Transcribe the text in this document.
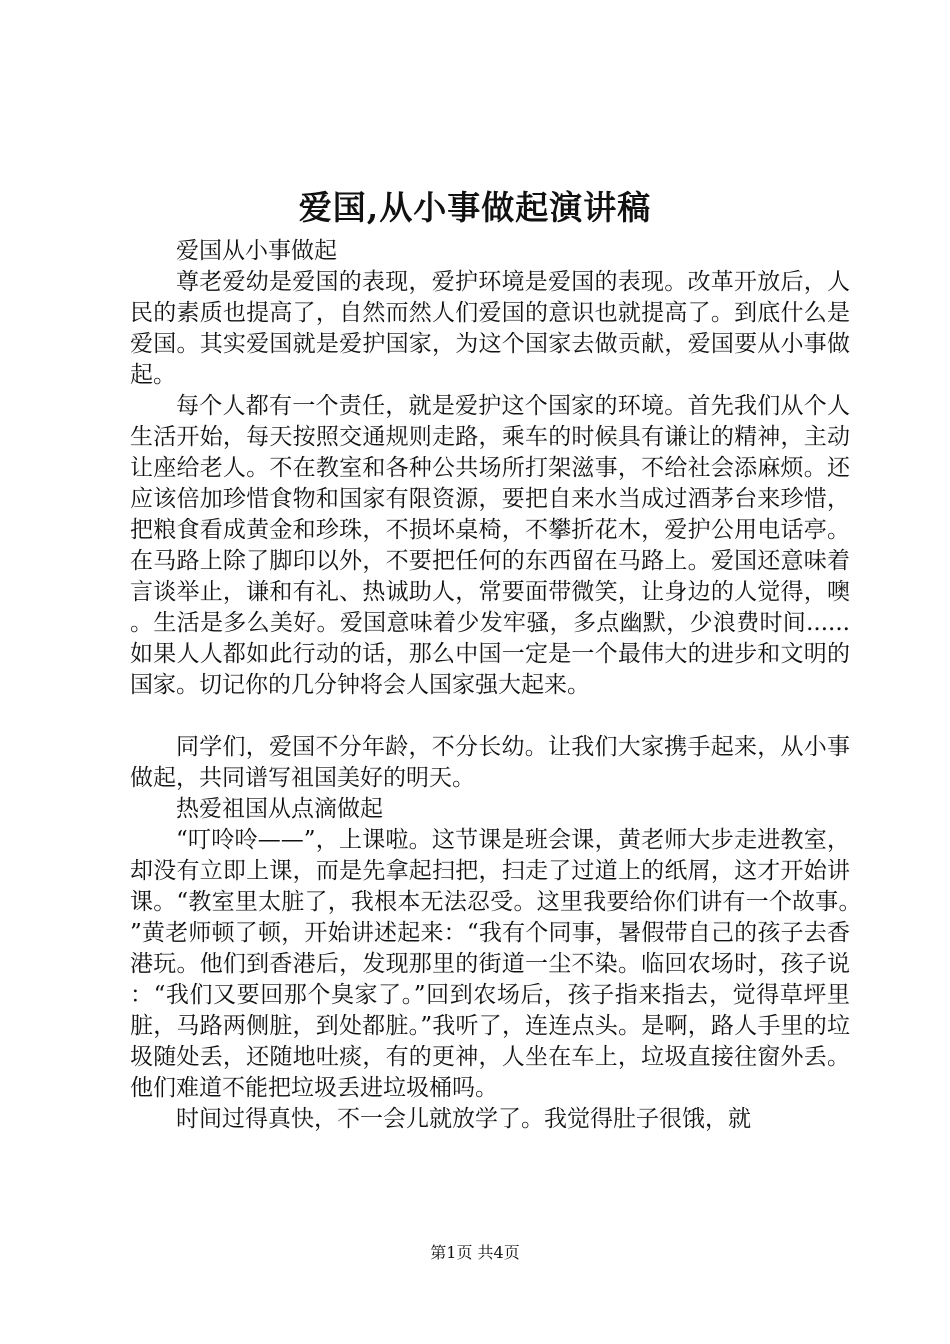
爱国,从小事做起演讲稿

爱国从小事做起

尊老爱幼是爱国的表现，爱护环境是爱国的表现。改革开放后，人民的素质也提高了，自然而然人们爱国的意识也就提高了。到底什么是爱国。其实爱国就是爱护国家，为这个国家去做贡献，爱国要从小事做起。

每个人都有一个责任，就是爱护这个国家的环境。首先我们从个人生活开始，每天按照交通规则走路，乘车的时候具有谦让的精神，主动让座给老人。不在教室和各种公共场所打架滋事，不给社会添麻烦。还应该倍加珍惜食物和国家有限资源，要把自来水当成过酒茅台来珍惜，把粮食看成黄金和珍珠，不损坏桌椅，不攀折花木，爱护公用电话亭。在马路上除了脚印以外，不要把任何的东西留在马路上。爱国还意味着言谈举止，谦和有礼、热诚助人，常要面带微笑，让身边的人觉得，噢。生活是多么美好。爱国意味着少发牢骚，多点幽默，少浪费时间......如果人人都如此行动的话，那么中国一定是一个最伟大的进步和文明的国家。切记你的几分钟将会人国家强大起来。

同学们，爱国不分年龄，不分长幼。让我们大家携手起来，从小事做起，共同谱写祖国美好的明天。

热爱祖国从点滴做起

“叮呤呤——”，上课啦。这节课是班会课，黄老师大步走进教室，却没有立即上课，而是先拿起扫把，扫走了过道上的纸屑，这才开始讲课。“教室里太脏了，我根本无法忍受。这里我要给你们讲有一个故事。”黄老师顿了顿，开始讲述起来：“我有个同事，暑假带自己的孩子去香港玩。他们到香港后，发现那里的街道一尘不染。临回农场时，孩子说：“我们又要回那个臭家了。”回到农场后，孩子指来指去，觉得草坪里脏，马路两侧脏，到处都脏。”我听了，连连点头。是啊，路人手里的垃圾随处丢，还随地吐痰，有的更神，人坐在车上，垃圾直接往窗外丢。他们难道不能把垃圾丢进垃圾桶吗。

时间过得真快，不一会儿就放学了。我觉得肚子很饿，就

第1页 共4页
